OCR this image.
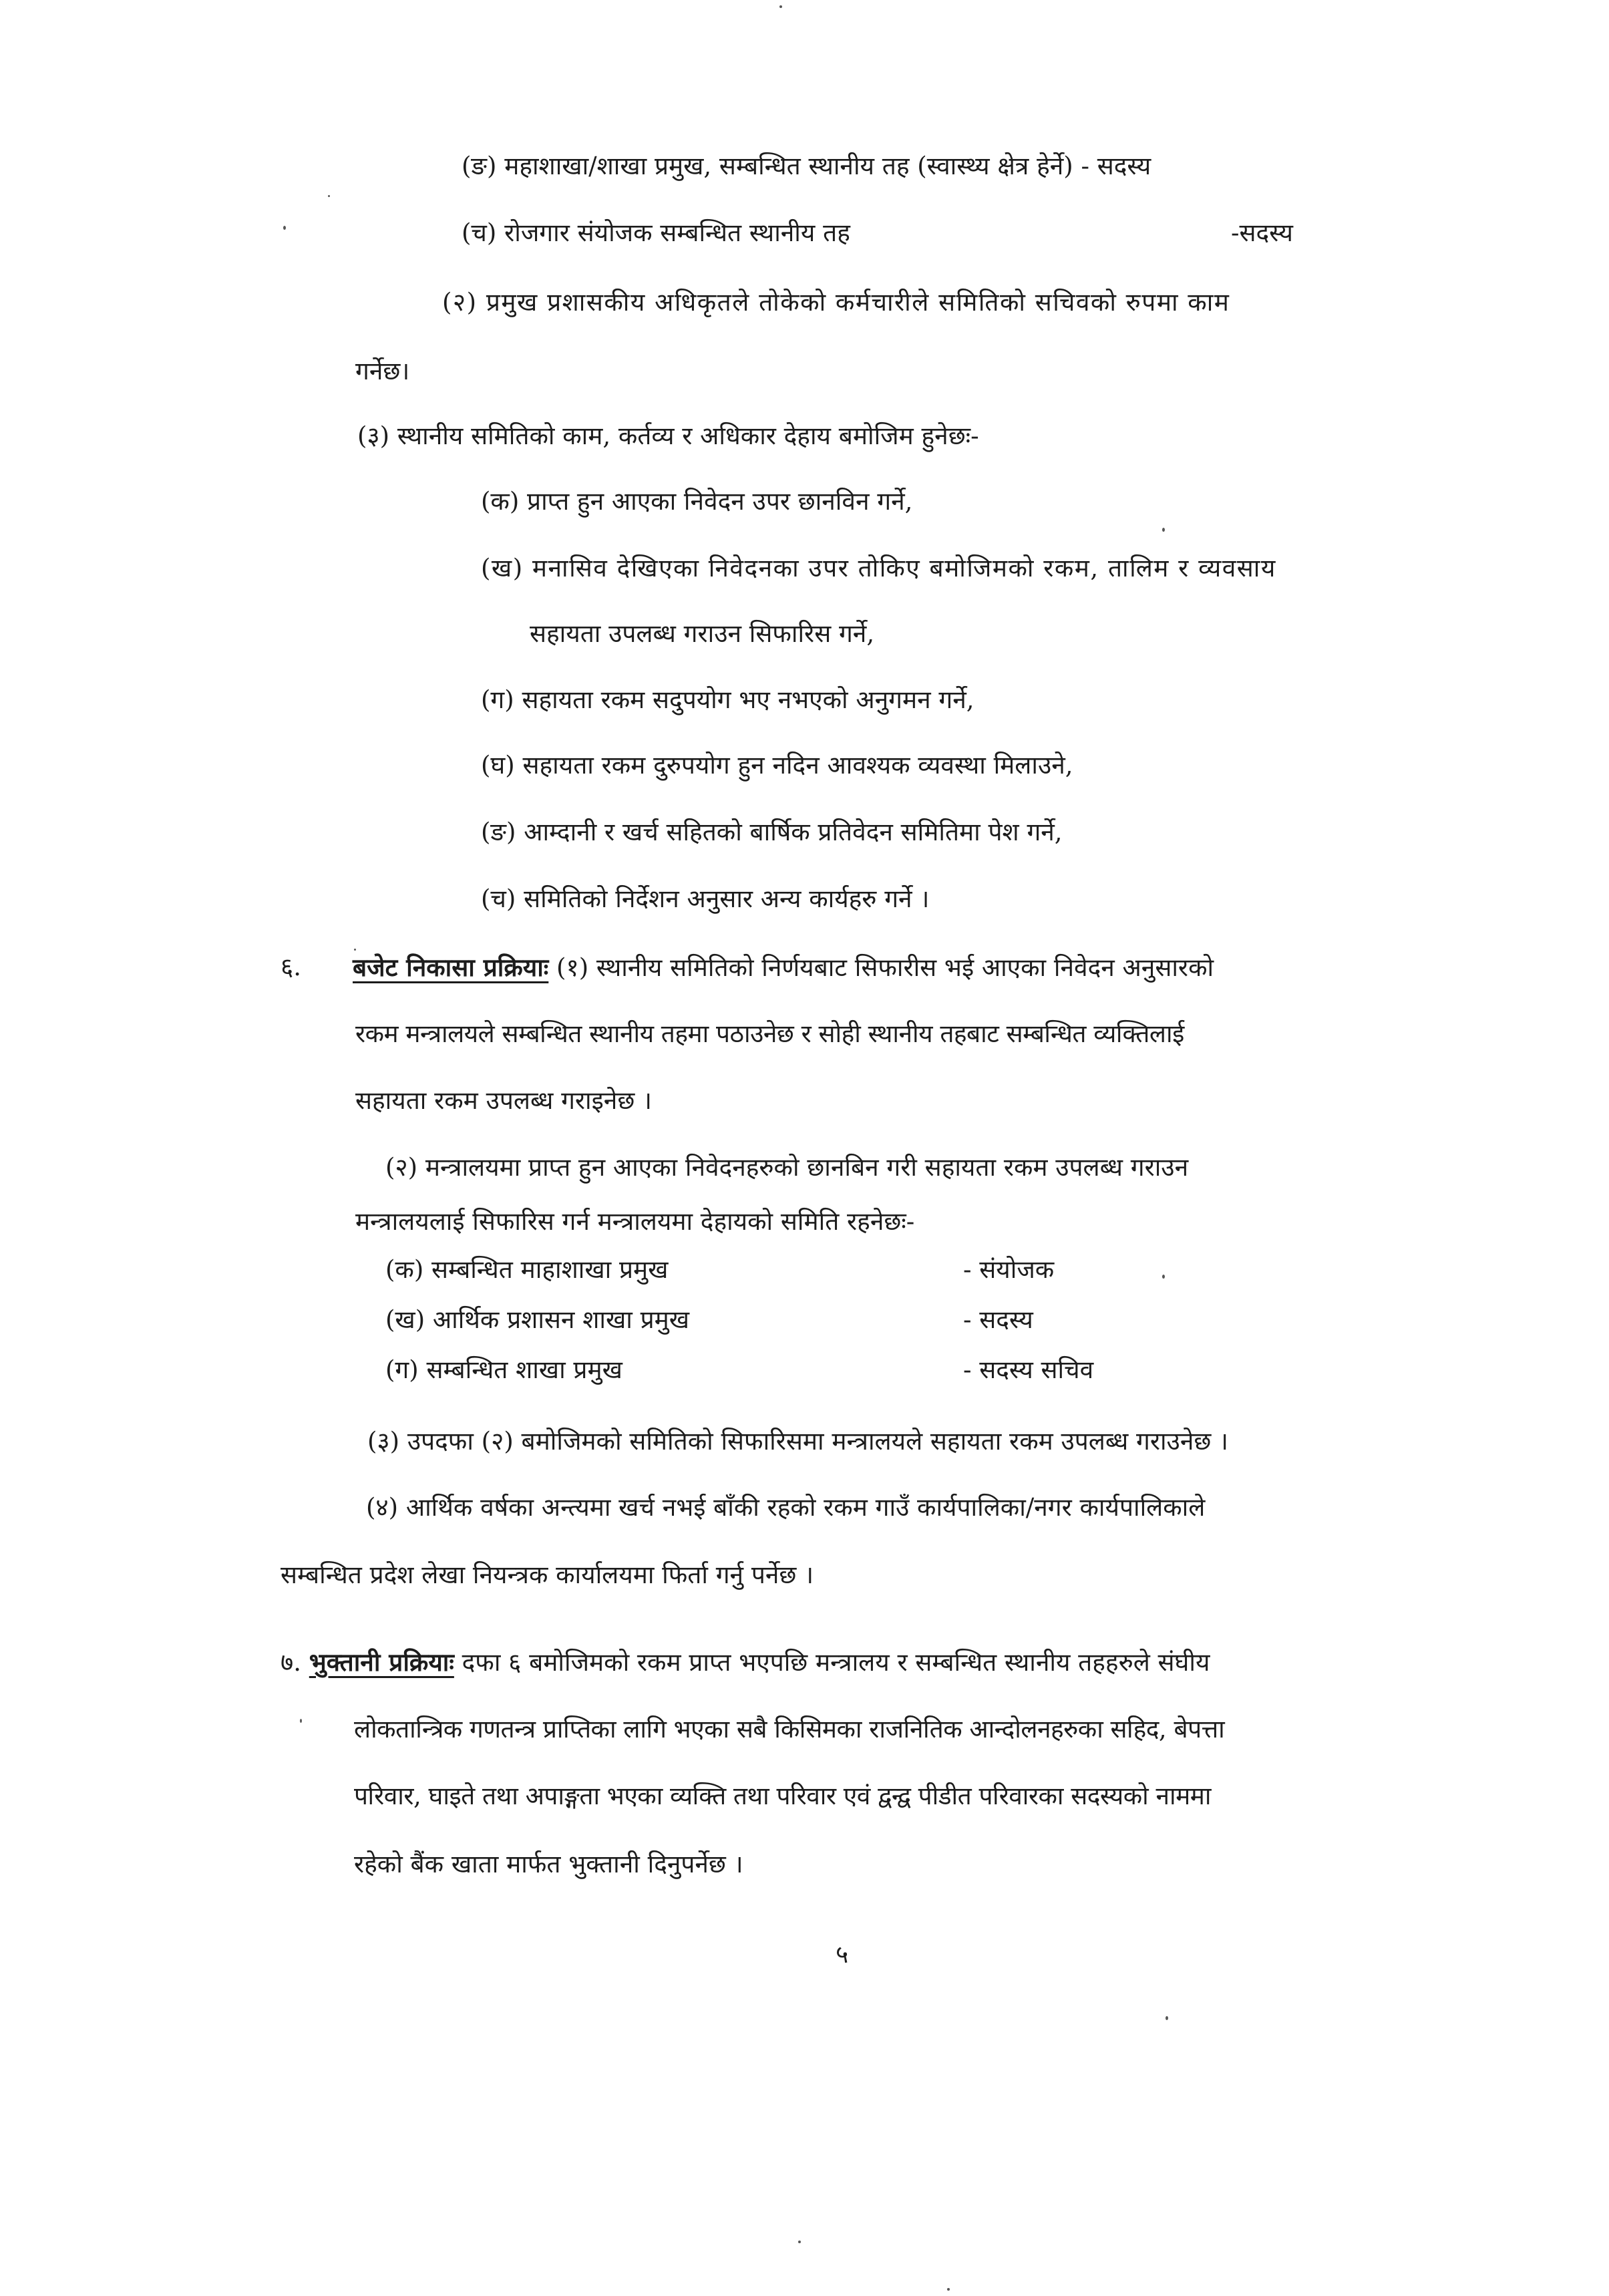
(ङ) महाशाखा/शाखा प्रमुख, सम्बन्धित स्थानीय तह (स्वास्थ्य क्षेत्र हेर्ने) - सदस्य
(च) रोजगार संयोजक सम्बन्धित स्थानीय तह	-सदस्य
(२) प्रमुख प्रशासकीय अधिकृतले तोकेको कर्मचारीले समितिको सचिवको रुपमा काम
गर्नेछ।
(३) स्थानीय समितिको काम, कर्तव्य र अधिकार देहाय बमोजिम हुनेछः-
(क) प्राप्त हुन आएका निवेदन उपर छानविन गर्ने,
(ख) मनासिव देखिएका निवेदनका उपर तोकिए बमोजिमको रकम, तालिम र व्यवसाय
सहायता उपलब्ध गराउन सिफारिस गर्ने,
(ग) सहायता रकम सदुपयोग भए नभएको अनुगमन गर्ने,
(घ) सहायता रकम दुरुपयोग हुन नदिन आवश्यक व्यवस्था मिलाउने,
(ङ) आम्दानी र खर्च सहितको बार्षिक प्रतिवेदन समितिमा पेश गर्ने,
(च) समितिको निर्देशन अनुसार अन्य कार्यहरु गर्ने ।
६. बजेट निकासा प्रक्रियाः (१) स्थानीय समितिको निर्णयबाट सिफारीस भई आएका निवेदन अनुसारको
रकम मन्त्रालयले सम्बन्धित स्थानीय तहमा पठाउनेछ र सोही स्थानीय तहबाट सम्बन्धित व्यक्तिलाई
सहायता रकम उपलब्ध गराइनेछ ।
(२) मन्त्रालयमा प्राप्त हुन आएका निवेदनहरुको छानबिन गरी सहायता रकम उपलब्ध गराउन
मन्त्रालयलाई सिफारिस गर्न मन्त्रालयमा देहायको समिति रहनेछः-
(क) सम्बन्धित माहाशाखा प्रमुख	- संयोजक
(ख) आर्थिक प्रशासन शाखा प्रमुख	- सदस्य
(ग) सम्बन्धित शाखा प्रमुख	- सदस्य सचिव
(३) उपदफा (२) बमोजिमको समितिको सिफारिसमा मन्त्रालयले सहायता रकम उपलब्ध गराउनेछ ।
(४) आर्थिक वर्षका अन्त्यमा खर्च नभई बाँकी रहको रकम गाउँ कार्यपालिका/नगर कार्यपालिकाले
सम्बन्धित प्रदेश लेखा नियन्त्रक कार्यालयमा फिर्ता गर्नु पर्नेछ ।
७. भुक्तानी प्रक्रियाः दफा ६ बमोजिमको रकम प्राप्त भएपछि मन्त्रालय र सम्बन्धित स्थानीय तहहरुले संघीय
लोकतान्त्रिक गणतन्त्र प्राप्तिका लागि भएका सबै किसिमका राजनितिक आन्दोलनहरुका सहिद, बेपत्ता
परिवार, घाइते तथा अपाङ्गता भएका व्यक्ति तथा परिवार एवं द्वन्द्व पीडीत परिवारका सदस्यको नाममा
रहेको बैंक खाता मार्फत भुक्तानी दिनुपर्नेछ ।
५
